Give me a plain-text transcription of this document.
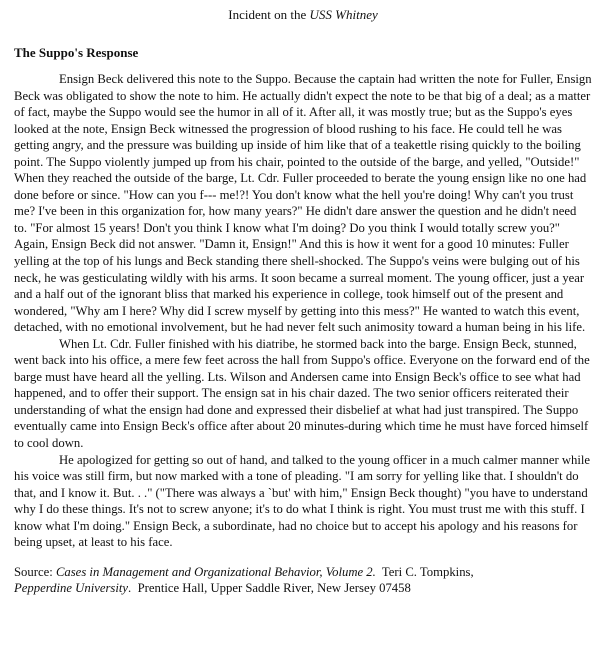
Incident on the USS Whitney
The Suppo's Response

Ensign Beck delivered this note to the Suppo. Because the captain had written the note for Fuller, Ensign Beck was obligated to show the note to him. He actually didn't expect the note to be that big of a deal; as a matter of fact, maybe the Suppo would see the humor in all of it. After all, it was mostly true; but as the Suppo's eyes looked at the note, Ensign Beck witnessed the progression of blood rushing to his face. He could tell he was getting angry, and the pressure was building up inside of him like that of a teakettle rising quickly to the boiling point. The Suppo violently jumped up from his chair, pointed to the outside of the barge, and yelled, "Outside!" When they reached the outside of the barge, Lt. Cdr. Fuller proceeded to berate the young ensign like no one had done before or since. "How can you f--- me!?! You don't know what the hell you're doing! Why can't you trust me? I've been in this organization for, how many years?" He didn't dare answer the question and he didn't need to. "For almost 15 years! Don't you think I know what I'm doing? Do you think I would totally screw you?" Again, Ensign Beck did not answer. "Damn it, Ensign!" And this is how it went for a good 10 minutes: Fuller yelling at the top of his lungs and Beck standing there shell-shocked. The Suppo's veins were bulging out of his neck, he was gesticulating wildly with his arms. It soon became a surreal moment. The young officer, just a year and a half out of the ignorant bliss that marked his experience in college, took himself out of the present and wondered, "Why am I here? Why did I screw myself by getting into this mess?" He wanted to watch this event, detached, with no emotional involvement, but he had never felt such animosity toward a human being in his life.

When Lt. Cdr. Fuller finished with his diatribe, he stormed back into the barge. Ensign Beck, stunned, went back into his office, a mere few feet across the hall from Suppo's office. Everyone on the forward end of the barge must have heard all the yelling. Lts. Wilson and Andersen came into Ensign Beck's office to see what had happened, and to offer their support. The ensign sat in his chair dazed. The two senior officers reiterated their understanding of what the ensign had done and expressed their disbelief at what had just transpired. The Suppo eventually came into Ensign Beck's office after about 20 minutes-during which time he must have forced himself to cool down.

He apologized for getting so out of hand, and talked to the young officer in a much calmer manner while his voice was still firm, but now marked with a tone of pleading. "I am sorry for yelling like that. I shouldn't do that, and I know it. But. . ." ("There was always a `but' with him," Ensign Beck thought) "you have to understand why I do these things. It's not to screw anyone; it's to do what I think is right. You must trust me with this stuff. I know what I'm doing." Ensign Beck, a subordinate, had no choice but to accept his apology and his reasons for being upset, at least to his face.

Source: Cases in Management and Organizational Behavior, Volume 2.  Teri C. Tompkins,
Pepperdine University.  Prentice Hall, Upper Saddle River, New Jersey 07458
